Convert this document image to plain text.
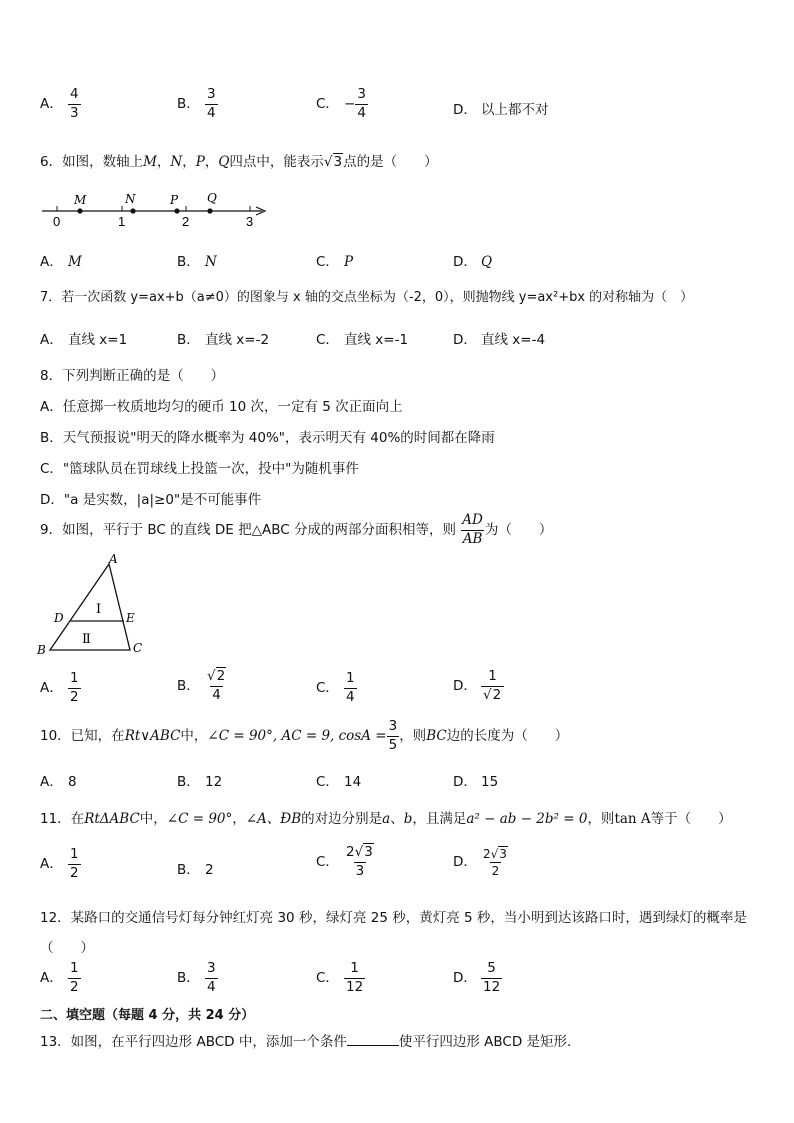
A． $\frac{4}{3}$	B． $\frac{3}{4}$	C． − $\frac{3}{4}$	D． 以上都不对
6．如图，数轴上M，N，P，Q四点中，能表示√3点的是（　　）
0	1	2	3
M	N	P Q
A． M	B． N	C． P	D． Q
7．若一次函数 y=ax+b（a≠0）的图象与 x 轴的交点坐标为（-2，0），则抛物线 y=ax²+bx 的对称轴为（　）
A． 直线 x=1	B． 直线 x=-2	C． 直线 x=-1	D． 直线 x=-4
8．下列判断正确的是（　　）
A．任意掷一枚质地均匀的硬币 10 次，一定有 5 次正面向上
B．天气预报说"明天的降水概率为 40%"，表示明天有 40%的时间都在降雨
C．"篮球队员在罚球线上投篮一次，投中"为随机事件
D．"a 是实数，|a|≥0"是不可能事件
9．如图，平行于 BC 的直线 DE 把△ABC 分成的两部分面积相等，则 $\frac{AD}{AB}$ 为（　　）
A
B	C
D	E
Ⅰ
Ⅱ
A． $\frac{1}{2}$	B． $\frac{√2}{4}$	C． $\frac{1}{4}$	D． $\frac{1}{√2}$
10．已知，在Rt∨ABC中，∠C = 90°, AC = 9, $\cos A = \frac{3}{5}$ ，则BC边的长度为（　　）
A． 8	B． 12	C． 14	D． 15
11．在RtΔABC中，∠C = 90°，∠A、ÐB的对边分别是a、b，且满足a² − ab − 2b² = 0，则tan A等于（　　）
A． $\frac{1}{2}$	B． 2	C． $\frac{2√3}{3}$	D． $\frac{2√3}{2}$
12．某路口的交通信号灯每分钟红灯亮 30 秒，绿灯亮 25 秒，黄灯亮 5 秒，当小明到达该路口时，遇到绿灯的概率是
（　　）
A． $\frac{1}{2}$	B． $\frac{3}{4}$	C． $\frac{1}{12}$	D． $\frac{5}{12}$
二、填空题（每题 4 分，共 24 分）
13．如图，在平行四边形 ABCD 中，添加一个条件	使平行四边形 ABCD 是矩形.
